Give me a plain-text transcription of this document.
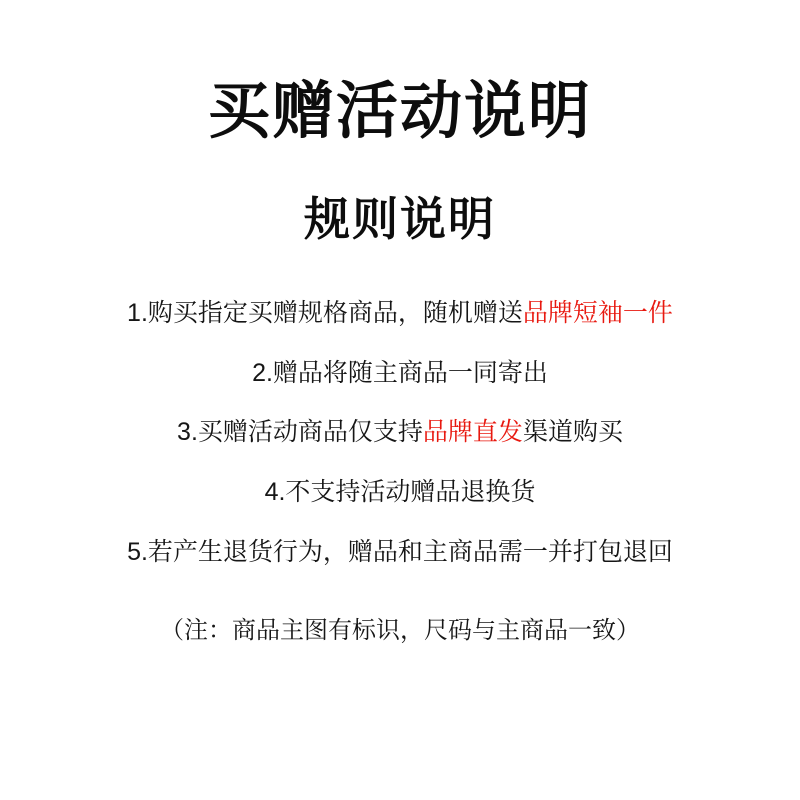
买赠活动说明
规则说明
1.购买指定买赠规格商品，随机赠送品牌短袖一件
2.赠品将随主商品一同寄出
3.买赠活动商品仅支持品牌直发渠道购买
4.不支持活动赠品退换货
5.若产生退货行为，赠品和主商品需一并打包退回
（注：商品主图有标识，尺码与主商品一致）
